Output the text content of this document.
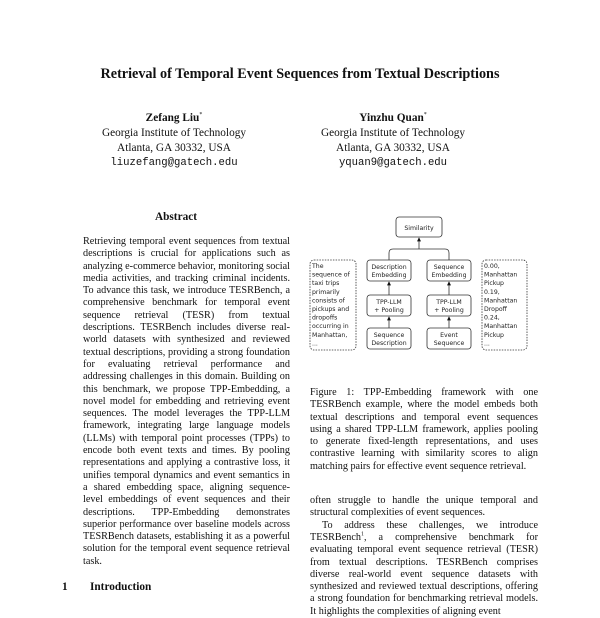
Retrieval of Temporal Event Sequences from Textual Descriptions
Zefang Liu*
Georgia Institute of Technology
Atlanta, GA 30332, USA
liuzefang@gatech.edu
Yinzhu Quan*
Georgia Institute of Technology
Atlanta, GA 30332, USA
yquan9@gatech.edu
Abstract
Retrieving temporal event sequences from textual descriptions is crucial for applications such as analyzing e-commerce behavior, monitoring social media activities, and tracking criminal incidents. To advance this task, we introduce TESRBench, a comprehensive benchmark for temporal event sequence retrieval (TESR) from textual descriptions. TESRBench includes diverse real-world datasets with synthesized and reviewed textual descriptions, providing a strong foundation for evaluating retrieval performance and addressing challenges in this domain. Building on this benchmark, we propose TPP-Embedding, a novel model for embedding and retrieving event sequences. The model leverages the TPP-LLM framework, integrating large language models (LLMs) with temporal point processes (TPPs) to encode both event texts and times. By pooling representations and applying a contrastive loss, it unifies temporal dynamics and event semantics in a shared embedding space, aligning sequence-level embeddings of event sequences and their descriptions. TPP-Embedding demonstrates superior performance over baseline models across TESRBench datasets, establishing it as a powerful solution for the temporal event sequence retrieval task.
1 Introduction
Similarity
Description
Embedding
Sequence
Embedding
TPP-LLM
+ Pooling
TPP-LLM
+ Pooling
Sequence
Description
Event
Sequence
The
sequence of
taxi trips
primarily
consists of
pickups and
dropoffs
occurring in
Manhattan,
...
0.00,
Manhattan
Pickup
0.19,
Manhattan
Dropoff
0.24,
Manhattan
Pickup
...
Figure 1: TPP-Embedding framework with one TESRBench example, where the model embeds both textual descriptions and temporal event sequences using a shared TPP-LLM framework, applies pooling to generate fixed-length representations, and uses contrastive learning with similarity scores to align matching pairs for effective event sequence retrieval.

often struggle to handle the unique temporal and structural complexities of event sequences.

To address these challenges, we introduce TESRBench$^1$, a comprehensive benchmark for evaluating temporal event sequence retrieval (TESR) from textual descriptions. TESRBench comprises diverse real-world event sequence datasets with synthesized and reviewed textual descriptions, offering a strong foundation for benchmarking retrieval models. It highlights the complexities of aligning event
